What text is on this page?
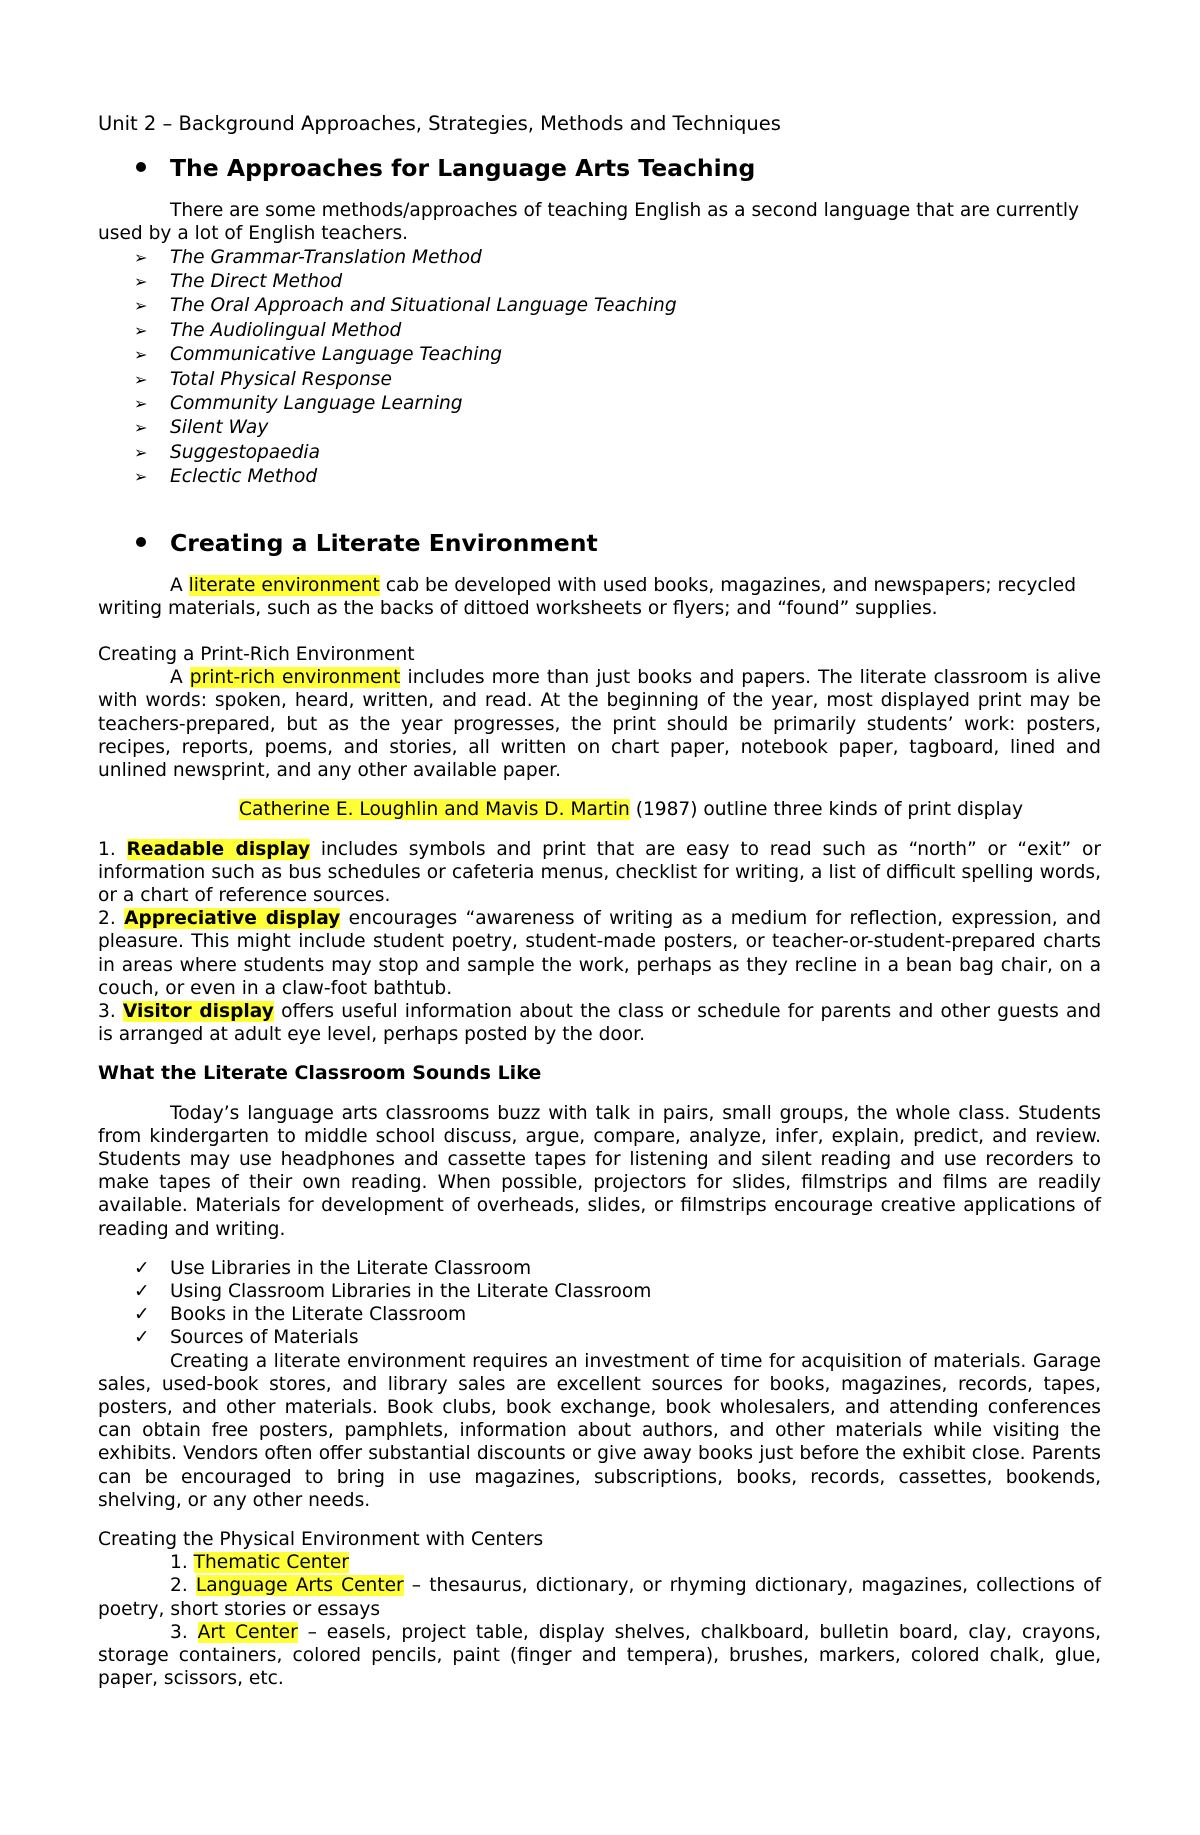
Unit 2 – Background Approaches, Strategies, Methods and Techniques

The Approaches for Language Arts Teaching

There are some methods/approaches of teaching English as a second language that are currently used by a lot of English teachers.

➢ The Grammar-Translation Method
➢ The Direct Method
➢ The Oral Approach and Situational Language Teaching
➢ The Audiolingual Method
➢ Communicative Language Teaching
➢ Total Physical Response
➢ Community Language Learning
➢ Silent Way
➢ Suggestopaedia
➢ Eclectic Method
Creating a Literate Environment

A literate environment cab be developed with used books, magazines, and newspapers; recycled writing materials, such as the backs of dittoed worksheets or flyers; and “found” supplies.

Creating a Print-Rich Environment

A print-rich environment includes more than just books and papers. The literate classroom is alive with words: spoken, heard, written, and read. At the beginning of the year, most displayed print may be teachers-prepared, but as the year progresses, the print should be primarily students’ work: posters, recipes, reports, poems, and stories, all written on chart paper, notebook paper, tagboard, lined and unlined newsprint, and any other available paper.

Catherine E. Loughlin and Mavis D. Martin (1987) outline three kinds of print display

1. Readable display includes symbols and print that are easy to read such as “north” or “exit” or information such as bus schedules or cafeteria menus, checklist for writing, a list of difficult spelling words, or a chart of reference sources.

2. Appreciative display encourages “awareness of writing as a medium for reflection, expression, and pleasure. This might include student poetry, student-made posters, or teacher-or-student-prepared charts in areas where students may stop and sample the work, perhaps as they recline in a bean bag chair, on a couch, or even in a claw-foot bathtub.

3. Visitor display offers useful information about the class or schedule for parents and other guests and is arranged at adult eye level, perhaps posted by the door.

What the Literate Classroom Sounds Like

Today’s language arts classrooms buzz with talk in pairs, small groups, the whole class. Students from kindergarten to middle school discuss, argue, compare, analyze, infer, explain, predict, and review. Students may use headphones and cassette tapes for listening and silent reading and use recorders to make tapes of their own reading. When possible, projectors for slides, filmstrips and films are readily available. Materials for development of overheads, slides, or filmstrips encourage creative applications of reading and writing.

✓ Use Libraries in the Literate Classroom
✓ Using Classroom Libraries in the Literate Classroom
✓ Books in the Literate Classroom
✓ Sources of Materials

Creating a literate environment requires an investment of time for acquisition of materials. Garage sales, used-book stores, and library sales are excellent sources for books, magazines, records, tapes, posters, and other materials. Book clubs, book exchange, book wholesalers, and attending conferences can obtain free posters, pamphlets, information about authors, and other materials while visiting the exhibits. Vendors often offer substantial discounts or give away books just before the exhibit close. Parents can be encouraged to bring in use magazines, subscriptions, books, records, cassettes, bookends, shelving, or any other needs.

Creating the Physical Environment with Centers

1. Thematic Center

2. Language Arts Center – thesaurus, dictionary, or rhyming dictionary, magazines, collections of poetry, short stories or essays

3. Art Center – easels, project table, display shelves, chalkboard, bulletin board, clay, crayons, storage containers, colored pencils, paint (finger and tempera), brushes, markers, colored chalk, glue, paper, scissors, etc.
